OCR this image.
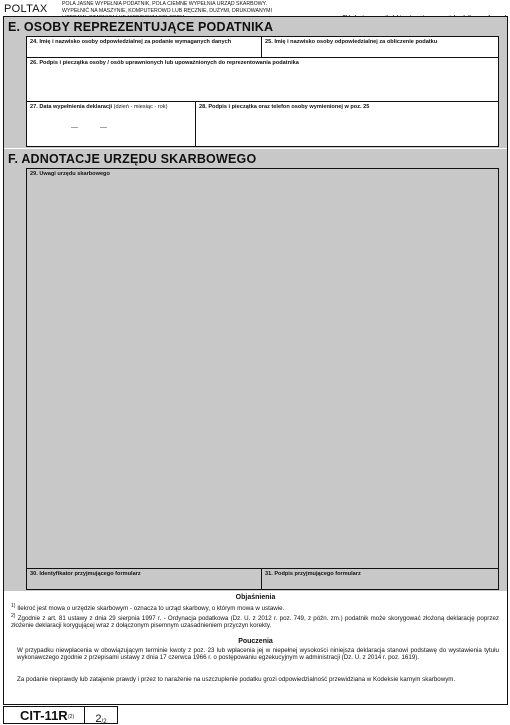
POLTAX	POLA JASNE WYPEŁNIA PODATNIK, POLA CIEMNE WYPEŁNIA URZĄD SKARBOWY. WYPEŁNIĆ NA MASZYNIE, KOMPUTEROWO LUB RĘCZNIE, DUŻYMI, DRUKOWANYMI
E. OSOBY REPREZENTUJĄCE PODATNIKA
24. Imię i nazwisko osoby odpowiedzialnej za podanie wymaganych danych	25. Imię i nazwisko osoby odpowiedzialnej za obliczenie podatku
26. Podpis i pieczątka osoby / osób uprawnionych lub upoważnionych do reprezentowania podatnika
27. Data wypełnienia deklaracji (dzień - miesiąc - rok)
— —
28. Podpis i pieczątka oraz telefon osoby wymienionej w poz. 25
F. ADNOTACJE URZĘDU SKARBOWEGO
29. Uwagi urzędu skarbowego
30. Identyfikator przyjmującego formularz	31. Podpis przyjmującego formularz
Objaśnienia
$^{1)}$ Ilekroć jest mowa o urzędzie skarbowym - oznacza to urząd skarbowy, o którym mowa w ustawie.
$^{2)}$ Zgodnie z art. 81 ustawy z dnia 29 sierpnia 1997 r. - Ordynacja podatkowa (Dz. U. z 2012 r. poz. 749, z późn. zm.) podatnik może skorygować złożoną deklarację poprzez złożenie deklaracji korygującej wraz z dołączonym pisemnym uzasadnieniem przyczyn korekty.
Pouczenia
W przypadku niewpłacenia w obowiązującym terminie kwoty z poz. 23 lub wpłacenia jej w niepełnej wysokości niniejsza deklaracja stanowi podstawę do wystawienia tytułu wykonawczego zgodnie z przepisami ustawy z dnia 17 czerwca 1966 r. o postępowaniu egzekucyjnym w administracji (Dz. U. z 2014 r. poz. 1619).
Za podanie nieprawdy lub zatajenie prawdy i przez to narażenie na uszczuplenie podatku grozi odpowiedzialność przewidziana w Kodeksie karnym skarbowym.
CIT-11R (2)	2/2
